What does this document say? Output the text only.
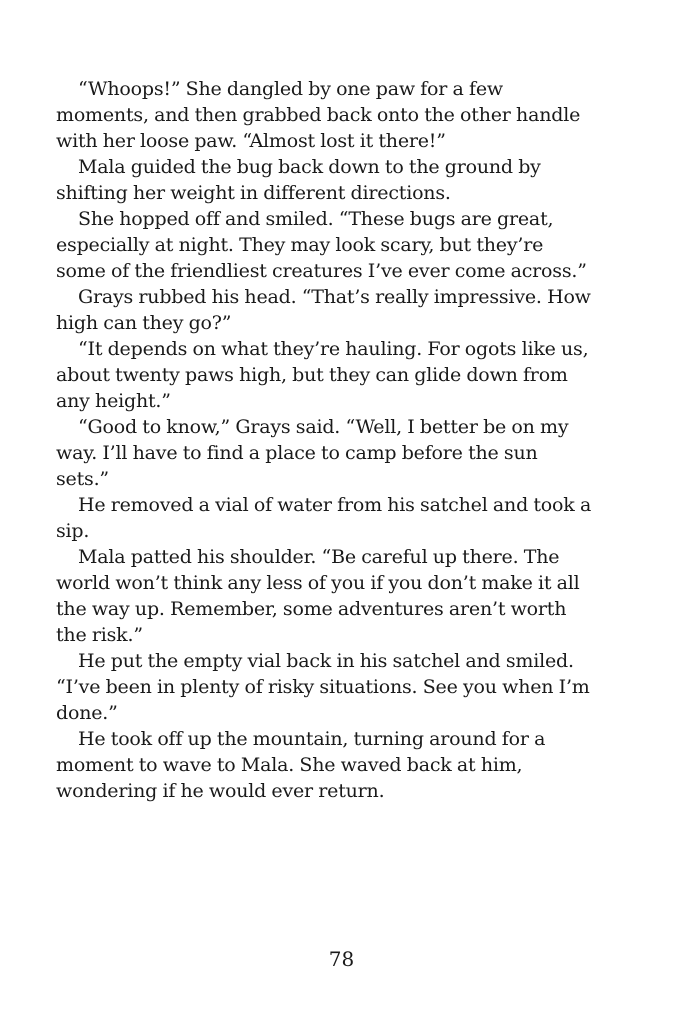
“Whoops!” She dangled by one paw for a few moments, and then grabbed back onto the other handle with her loose paw. “Almost lost it there!”

Mala guided the bug back down to the ground by shifting her weight in different directions.

She hopped off and smiled. “These bugs are great, especially at night. They may look scary, but they’re some of the friendliest creatures I’ve ever come across.”

Grays rubbed his head. “That’s really impressive. How high can they go?”

“It depends on what they’re hauling. For ogots like us, about twenty paws high, but they can glide down from any height.”

“Good to know,” Grays said. “Well, I better be on my way. I’ll have to find a place to camp before the sun sets.”

He removed a vial of water from his satchel and took a sip.

Mala patted his shoulder. “Be careful up there. The world won’t think any less of you if you don’t make it all the way up. Remember, some adventures aren’t worth the risk.”

He put the empty vial back in his satchel and smiled. “I’ve been in plenty of risky situations. See you when I’m done.”

He took off up the mountain, turning around for a moment to wave to Mala. She waved back at him, wondering if he would ever return.

78
